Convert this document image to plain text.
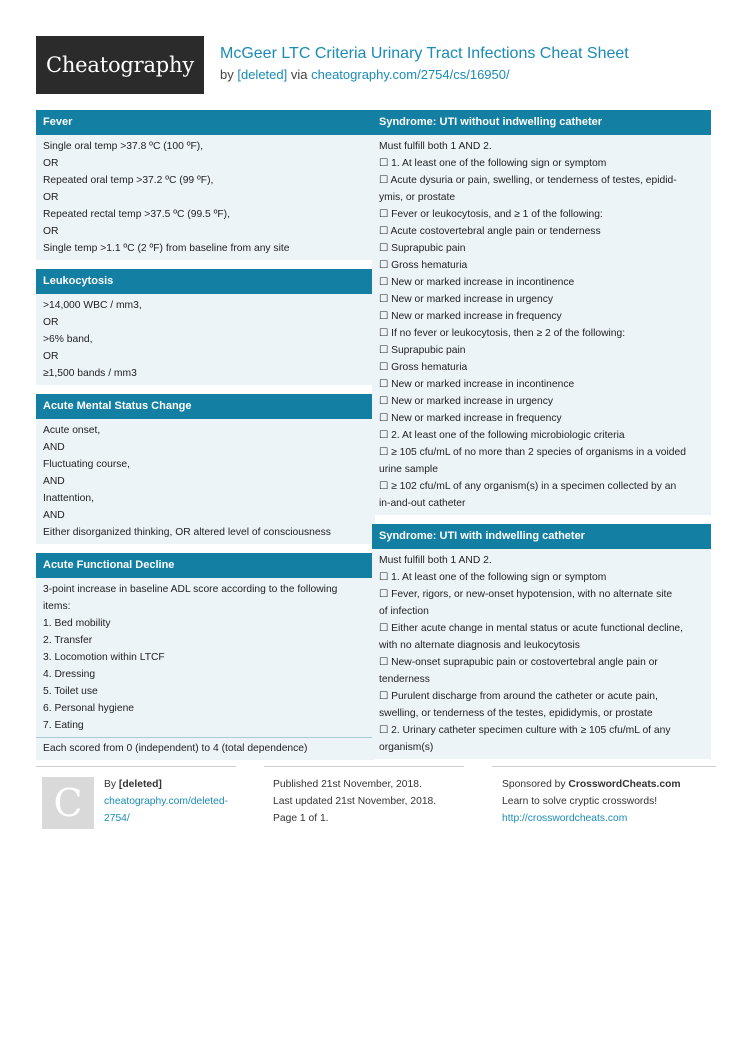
Cheatography	McGeer LTC Criteria Urinary Tract Infections Cheat Sheet
by [deleted] via cheatography.com/2754/cs/16950/
Fever
Single oral temp >37.8 ºC (100 ºF),
OR
Repeated oral temp >37.2 ºC (99 ºF),
OR
Repeated rectal temp >37.5 ºC (99.5 ºF),
OR
Single temp >1.1 ºC (2 ºF) from baseline from any site
Leukocytosis
>14,000 WBC / mm3,
OR
>6% band,
OR
≥1,500 bands / mm3
Acute Mental Status Change
Acute onset,
AND
Fluctuating course,
AND
Inattention,
AND
Either disorganized thinking, OR altered level of consciousness
Acute Functional Decline
3-point increase in baseline ADL score according to the following
items:
1. Bed mobility
2. Transfer
3. Locomotion within LTCF
4. Dressing
5. Toilet use
6. Personal hygiene
7. Eating
Each scored from 0 (independent) to 4 (total dependence)
Syndrome: UTI without indwelling catheter
Must fulfill both 1 AND 2.
☐ 1. At least one of the following sign or symptom
☐ Acute dysuria or pain, swelling, or tenderness of testes, epidid-
ymis, or prostate
☐ Fever or leukocytosis, and ≥ 1 of the following:
☐ Acute costovertebral angle pain or tenderness
☐ Suprapubic pain
☐ Gross hematuria
☐ New or marked increase in incontinence
☐ New or marked increase in urgency
☐ New or marked increase in frequency
☐ If no fever or leukocytosis, then ≥ 2 of the following:
☐ Suprapubic pain
☐ Gross hematuria
☐ New or marked increase in incontinence
☐ New or marked increase in urgency
☐ New or marked increase in frequency
☐ 2. At least one of the following microbiologic criteria
☐ ≥ 105 cfu/mL of no more than 2 species of organisms in a voided
urine sample
☐ ≥ 102 cfu/mL of any organism(s) in a specimen collected by an
in-and-out catheter
Syndrome: UTI with indwelling catheter
Must fulfill both 1 AND 2.
☐ 1. At least one of the following sign or symptom
☐ Fever, rigors, or new-onset hypotension, with no alternate site
of infection
☐ Either acute change in mental status or acute functional decline,
with no alternate diagnosis and leukocytosis
☐ New-onset suprapubic pain or costovertebral angle pain or
tenderness
☐ Purulent discharge from around the catheter or acute pain,
swelling, or tenderness of the testes, epididymis, or prostate
☐ 2. Urinary catheter specimen culture with ≥ 105 cfu/mL of any
organism(s)
C	By [deleted]
cheatography.com/deleted-
2754/
Published 21st November, 2018.
Last updated 21st November, 2018.
Page 1 of 1.
Sponsored by CrosswordCheats.com
Learn to solve cryptic crosswords!
http://crosswordcheats.com
